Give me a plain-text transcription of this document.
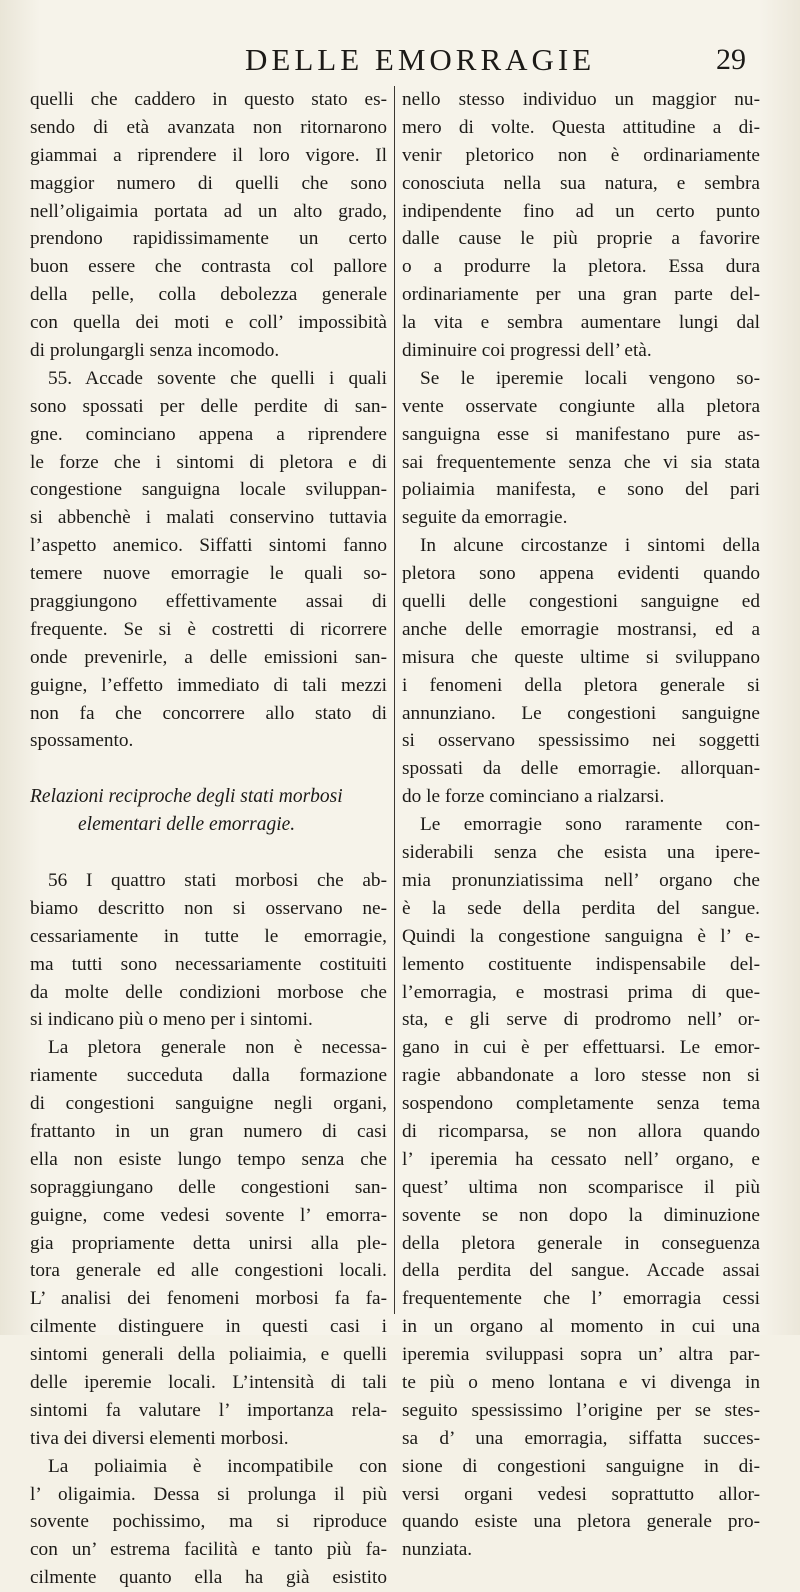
DELLE EMORRAGIE	29
quelli che caddero in questo stato es-
sendo di età avanzata non ritornarono
giammai a riprendere il loro vigore. Il
maggior numero di quelli che sono
nell’oligaimia portata ad un alto grado,
prendono rapidissimamente un certo
buon essere che contrasta col pallore
della pelle, colla debolezza generale
con quella dei moti e coll’ impossibità
di prolungargli senza incomodo.
55. Accade sovente che quelli i quali
sono spossati per delle perdite di san-
gne. cominciano appena a riprendere
le forze che i sintomi di pletora e di
congestione sanguigna locale sviluppan-
si abbenchè i malati conservino tuttavia
l’aspetto anemico. Siffatti sintomi fanno
temere nuove emorragie le quali so-
praggiungono effettivamente assai di
frequente. Se si è costretti di ricorrere
onde prevenirle, a delle emissioni san-
guigne, l’effetto immediato di tali mezzi
non fa che concorrere allo stato di
spossamento.
Relazioni reciproche degli stati morbosi
elementari delle emorragie.
56 I quattro stati morbosi che ab-
biamo descritto non si osservano ne-
cessariamente in tutte le emorragie,
ma tutti sono necessariamente costituiti
da molte delle condizioni morbose che
si indicano più o meno per i sintomi.
La pletora generale non è necessa-
riamente succeduta dalla formazione
di congestioni sanguigne negli organi,
frattanto in un gran numero di casi
ella non esiste lungo tempo senza che
sopraggiungano delle congestioni san-
guigne, come vedesi sovente l’ emorra-
gia propriamente detta unirsi alla ple-
tora generale ed alle congestioni locali.
L’ analisi dei fenomeni morbosi fa fa-
cilmente distinguere in questi casi i
sintomi generali della poliaimia, e quelli
delle iperemie locali. L’intensità di tali
sintomi fa valutare l’ importanza rela-
tiva dei diversi elementi morbosi.
La poliaimia è incompatibile con
l’ oligaimia. Dessa si prolunga il più
sovente pochissimo, ma si riproduce
con un’ estrema facilità e tanto più fa-
cilmente quanto ella ha già esistito
nello stesso individuo un maggior nu-
mero di volte. Questa attitudine a di-
venir pletorico non è ordinariamente
conosciuta nella sua natura, e sembra
indipendente fino ad un certo punto
dalle cause le più proprie a favorire
o a produrre la pletora. Essa dura
ordinariamente per una gran parte del-
la vita e sembra aumentare lungi dal
diminuire coi progressi dell’ età.
Se le iperemie locali vengono so-
vente osservate congiunte alla pletora
sanguigna esse si manifestano pure as-
sai frequentemente senza che vi sia stata
poliaimia manifesta, e sono del pari
seguite da emorragie.
In alcune circostanze i sintomi della
pletora sono appena evidenti quando
quelli delle congestioni sanguigne ed
anche delle emorragie mostransi, ed a
misura che queste ultime si sviluppano
i fenomeni della pletora generale si
annunziano. Le congestioni sanguigne
si osservano spessissimo nei soggetti
spossati da delle emorragie. allorquan-
do le forze cominciano a rialzarsi.
Le emorragie sono raramente con-
siderabili senza che esista una ipere-
mia pronunziatissima nell’ organo che
è la sede della perdita del sangue.
Quindi la congestione sanguigna è l’ e-
lemento costituente indispensabile del-
l’emorragia, e mostrasi prima di que-
sta, e gli serve di prodromo nell’ or-
gano in cui è per effettuarsi. Le emor-
ragie abbandonate a loro stesse non si
sospendono completamente senza tema
di ricomparsa, se non allora quando
l’ iperemia ha cessato nell’ organo, e
quest’ ultima non scomparisce il più
sovente se non dopo la diminuzione
della pletora generale in conseguenza
della perdita del sangue. Accade assai
frequentemente che l’ emorragia cessi
in un organo al momento in cui una
iperemia sviluppasi sopra un’ altra par-
te più o meno lontana e vi divenga in
seguito spessissimo l’origine per se stes-
sa d’ una emorragia, siffatta succes-
sione di congestioni sanguigne in di-
versi organi vedesi soprattutto allor-
quando esiste una pletora generale pro-
nunziata.
